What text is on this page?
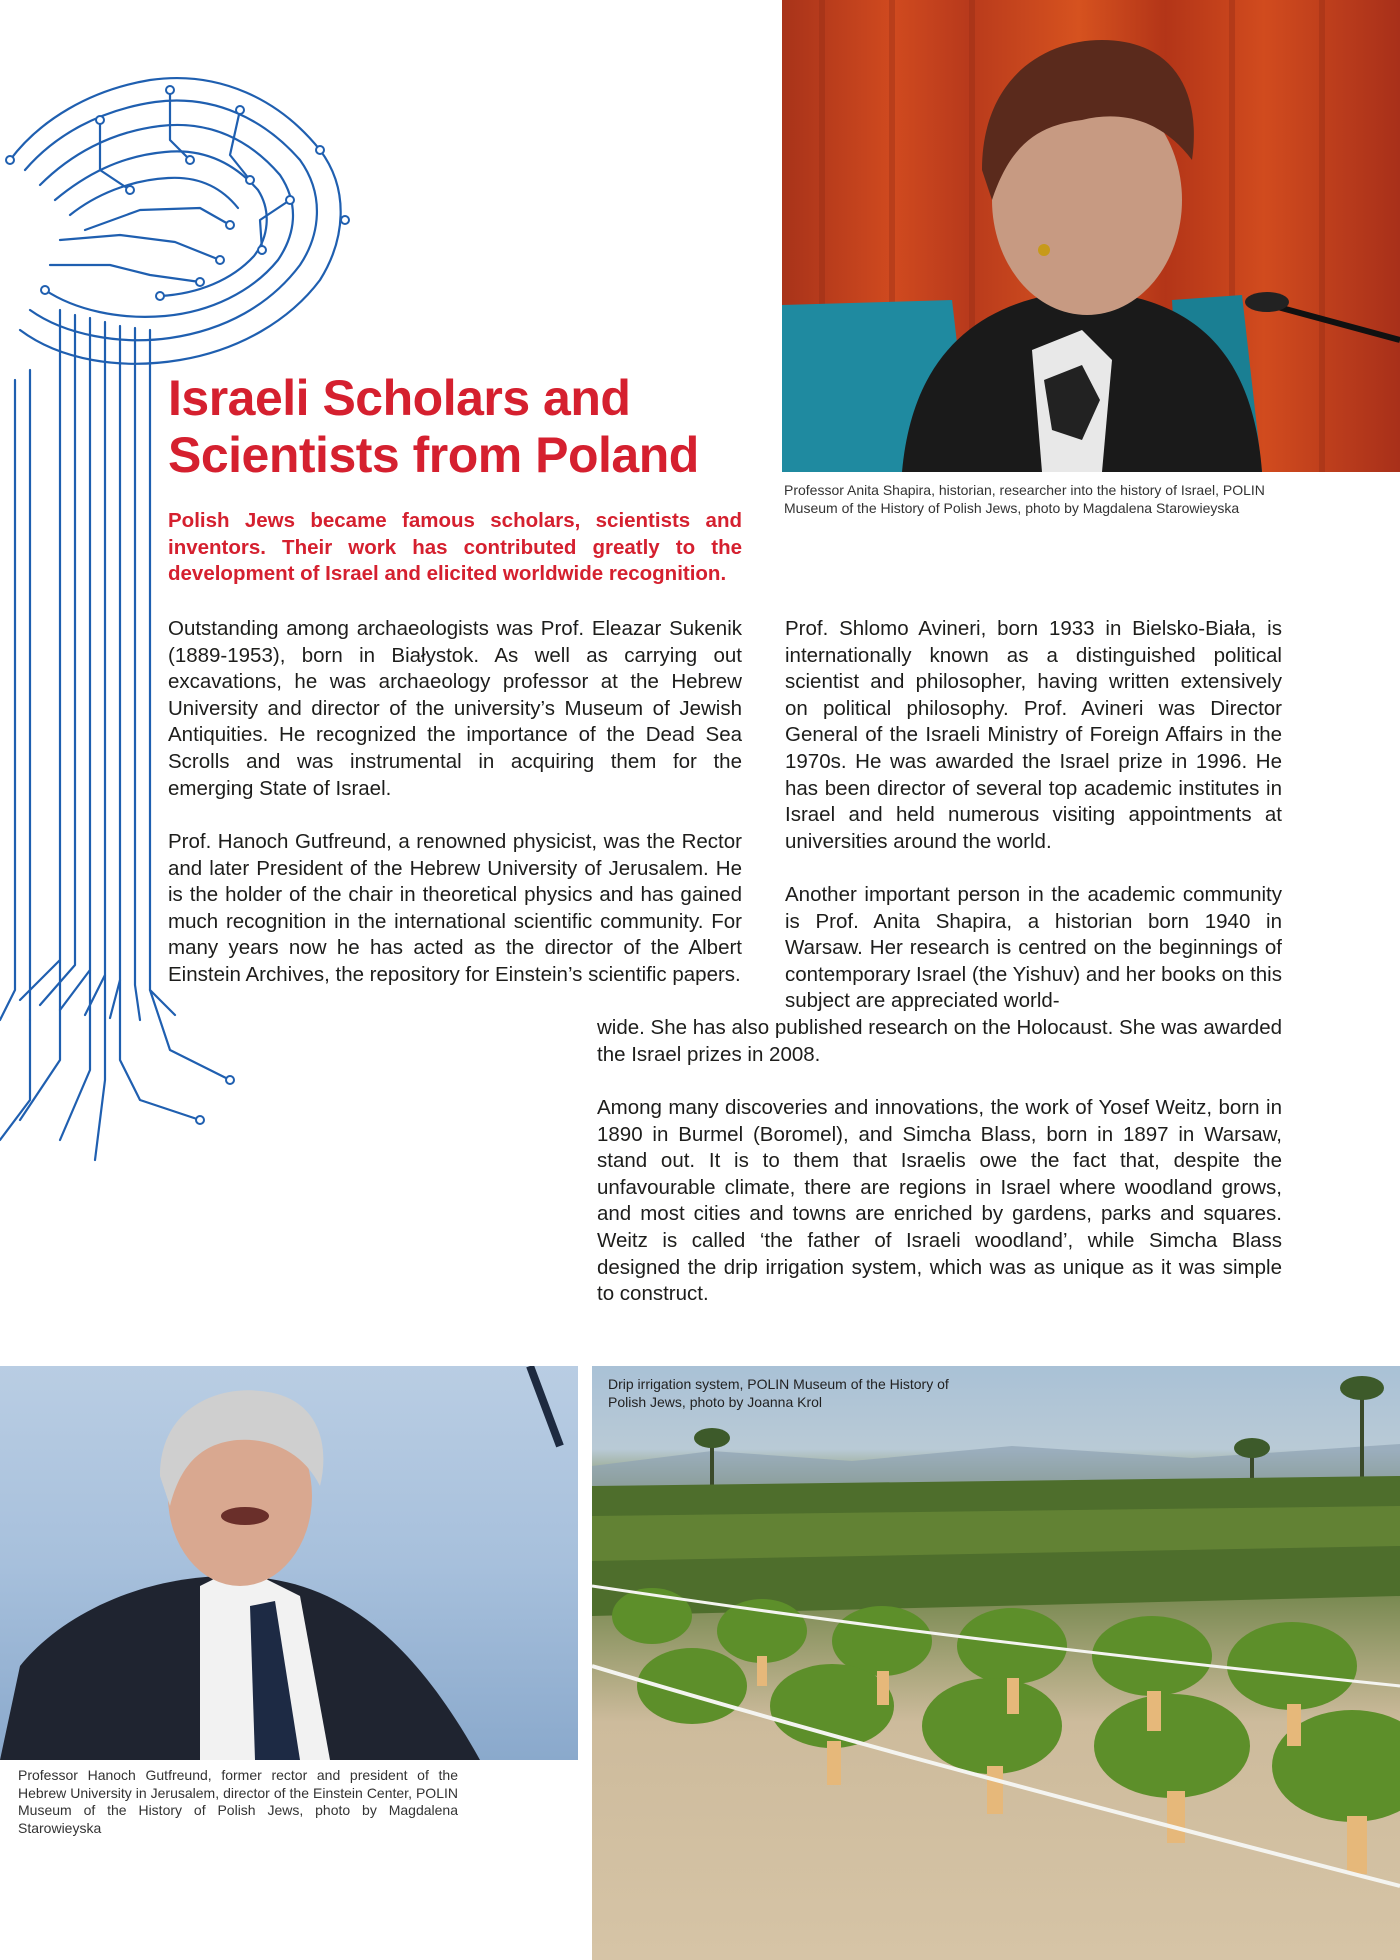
Israeli Scholars and
Scientists from Poland

Polish Jews became famous scholars, scientists and inventors. Their work has contributed greatly to the development of Israel and elicited worldwide recognition.

Outstanding among archaeologists was Prof. Eleazar Sukenik (1889-1953), born in Białystok. As well as carrying out excavations, he was archaeology professor at the Hebrew University and director of the university’s Museum of Jewish Antiquities. He recognized the importance of the Dead Sea Scrolls and was instrumental in acquiring them for the emerging State of Israel.

Prof. Hanoch Gutfreund, a renowned physicist, was the Rector and later President of the Hebrew University of Jerusalem. He is the holder of the chair in theoretical physics and has gained much recognition in the international scientific community. For many years now he has acted as the director of the Albert Einstein Archives, the repository for Einstein’s scientific papers.

Prof. Shlomo Avineri, born 1933 in Bielsko-Biała, is internationally known as a distinguished political scientist and philosopher, having written extensively on political philosophy. Prof. Avineri was Director General of the Israeli Ministry of Foreign Affairs in the 1970s. He was awarded the Israel prize in 1996. He has been director of several top academic institutes in Israel and held numerous visiting appointments at universities around the world.

Another important person in the academic community is Prof. Anita Shapira, a historian born 1940 in Warsaw. Her research is centred on the beginnings of contemporary Israel (the Yishuv) and her books on this subject are appreciated world-

wide. She has also published research on the Holocaust. She was awarded the Israel prizes in 2008.

Among many discoveries and innovations, the work of Yosef Weitz, born in 1890 in Burmel (Boromel), and Simcha Blass, born in 1897 in Warsaw, stand out. It is to them that Israelis owe the fact that, despite the unfavourable climate, there are regions in Israel where woodland grows, and most cities and towns are enriched by gardens, parks and squares. Weitz is called ‘the father of Israeli woodland’, while Simcha Blass designed the drip irrigation system, which was as unique as it was simple to construct.

Professor Anita Shapira, historian, researcher into the history of Israel, POLIN Museum of the History of Polish Jews, photo by Magdalena Starowieyska

Professor Hanoch Gutfreund, former rector and president of the Hebrew University in Jerusalem, director of the Einstein Center, POLIN Museum of the History of Polish Jews, photo by Magdalena Starowieyska

Drip irrigation system, POLIN Museum of the History of Polish Jews, photo by Joanna Krol
